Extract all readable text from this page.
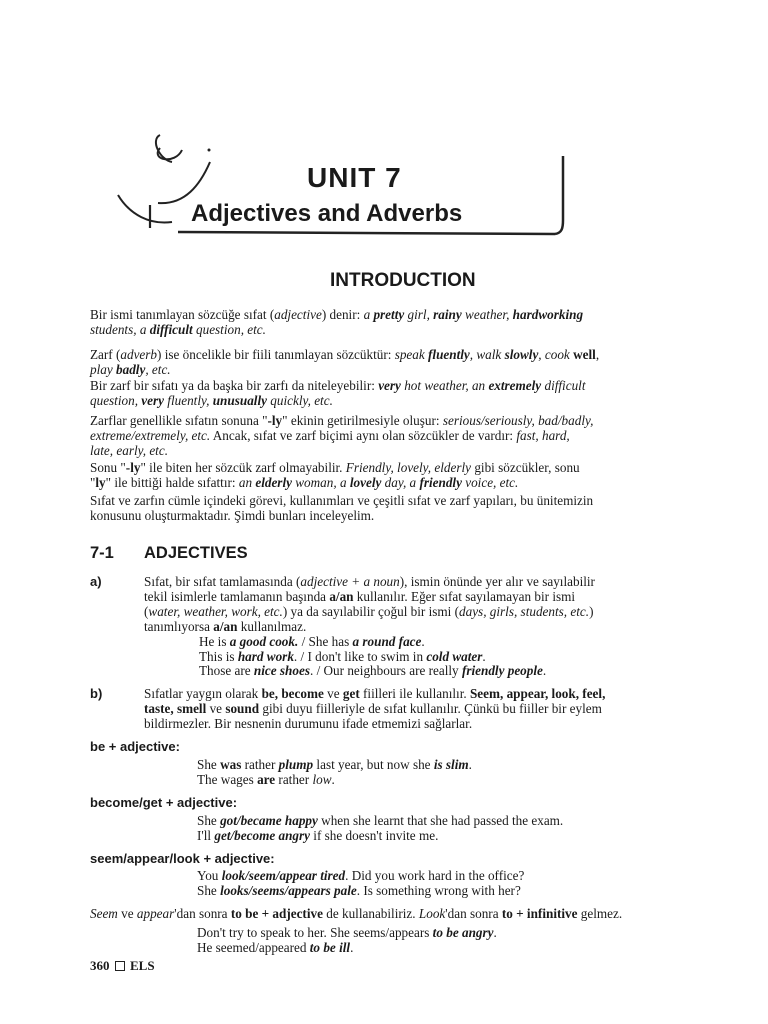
UNIT 7
Adjectives and Adverbs
INTRODUCTION
Bir ismi tanımlayan sözcüğe sıfat (adjective) denir: a pretty girl, rainy weather, hardworking
students, a difficult question, etc.
Zarf (adverb) ise öncelikle bir fiili tanımlayan sözcüktür: speak fluently, walk slowly, cook well,
play badly, etc.
Bir zarf bir sıfatı ya da başka bir zarfı da niteleyebilir: very hot weather, an extremely difficult
question, very fluently, unusually quickly, etc.
Zarflar genellikle sıfatın sonuna "-ly" ekinin getirilmesiyle oluşur: serious/seriously, bad/badly,
extreme/extremely, etc. Ancak, sıfat ve zarf biçimi aynı olan sözcükler de vardır: fast, hard,
late, early, etc.
Sonu "-ly" ile biten her sözcük zarf olmayabilir. Friendly, lovely, elderly gibi sözcükler, sonu
"ly" ile bittiği halde sıfattır: an elderly woman, a lovely day, a friendly voice, etc.
Sıfat ve zarfın cümle içindeki görevi, kullanımları ve çeşitli sıfat ve zarf yapıları, bu ünitemizin
konusunu oluşturmaktadır. Şimdi bunları inceleyelim.
7-1 ADJECTIVES
a)	Sıfat, bir sıfat tamlamasında (adjective + a noun), ismin önünde yer alır ve sayılabilir
tekil isimlerle tamlamanın başında a/an kullanılır. Eğer sıfat sayılamayan bir ismi
(water, weather, work, etc.) ya da sayılabilir çoğul bir ismi (days, girls, students, etc.)
tanımlıyorsa a/an kullanılmaz.
He is a good cook. / She has a round face.
This is hard work. / I don't like to swim in cold water.
Those are nice shoes. / Our neighbours are really friendly people.
b)	Sıfatlar yaygın olarak be, become ve get fiilleri ile kullanılır. Seem, appear, look, feel,
taste, smell ve sound gibi duyu fiilleriyle de sıfat kullanılır. Çünkü bu fiiller bir eylem
bildirmezler. Bir nesnenin durumunu ifade etmemizi sağlarlar.
be + adjective:
She was rather plump last year, but now she is slim.
The wages are rather low.
become/get + adjective:
She got/became happy when she learnt that she had passed the exam.
I'll get/become angry if she doesn't invite me.
seem/appear/look + adjective:
You look/seem/appear tired. Did you work hard in the office?
She looks/seems/appears pale. Is something wrong with her?
Seem ve appear'dan sonra to be + adjective de kullanabiliriz. Look'dan sonra to + infinitive gelmez.
Don't try to speak to her. She seems/appears to be angry.
He seemed/appeared to be ill.
360 ELS
